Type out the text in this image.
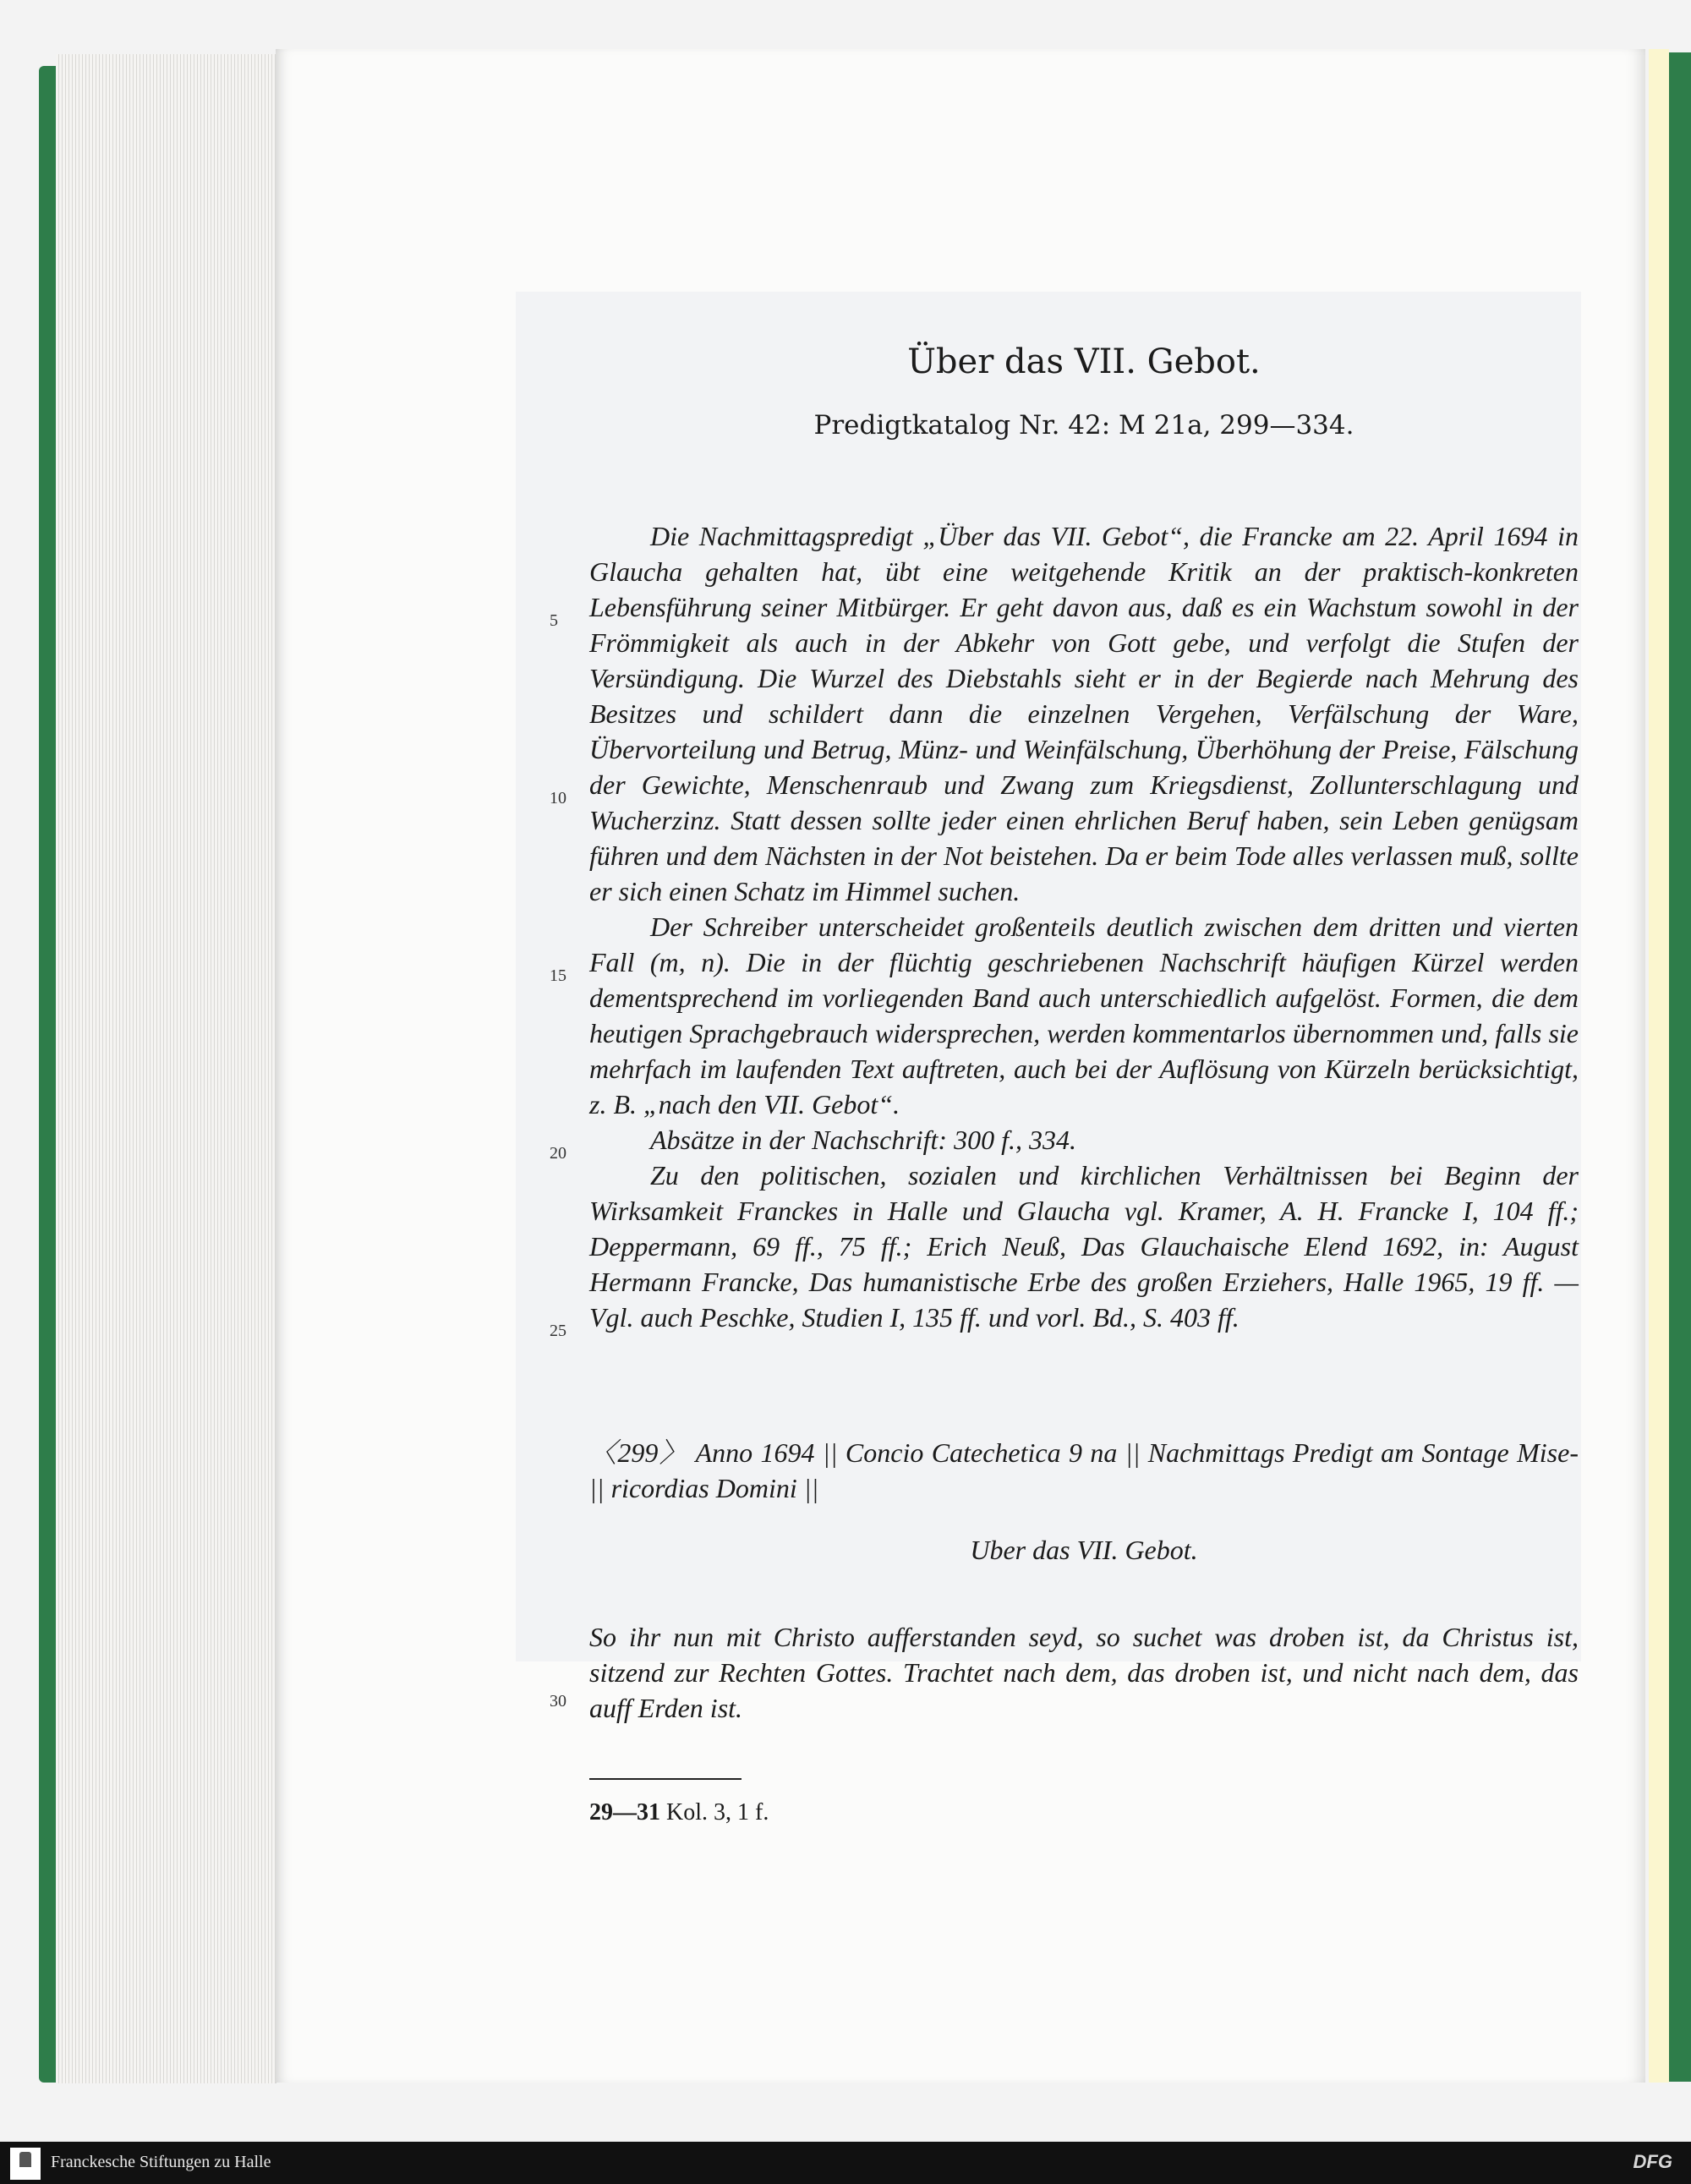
Über das VII. Gebot.
Predigtkatalog Nr. 42: M 21a, 299—334.

Die Nachmittagspredigt „Über das VII. Gebot“, die Francke am 22. April 1694 in Glaucha gehalten hat, übt eine weitgehende Kritik an der praktisch-konkreten Lebensführung seiner Mitbürger. Er geht davon aus, daß es ein Wachstum sowohl in der Frömmigkeit als auch in der Abkehr von Gott gebe, und verfolgt die Stufen der Versündigung. Die Wurzel des Diebstahls sieht er in der Begierde nach Mehrung des Besitzes und schildert dann die einzelnen Vergehen, Verfälschung der Ware, Übervorteilung und Betrug, Münz- und Weinfälschung, Überhöhung der Preise, Fälschung der Gewichte, Menschenraub und Zwang zum Kriegsdienst, Zollunterschlagung und Wucherzinz. Statt dessen sollte jeder einen ehrlichen Beruf haben, sein Leben genügsam führen und dem Nächsten in der Not beistehen. Da er beim Tode alles verlassen muß, sollte er sich einen Schatz im Himmel suchen.

Der Schreiber unterscheidet großenteils deutlich zwischen dem dritten und vierten Fall (m, n). Die in der flüchtig geschriebenen Nachschrift häufigen Kürzel werden dementsprechend im vorliegenden Band auch unterschiedlich aufgelöst. Formen, die dem heutigen Sprachgebrauch widersprechen, werden kommentarlos übernommen und, falls sie mehrfach im laufenden Text auftreten, auch bei der Auflösung von Kürzeln berücksichtigt, z. B. „nach den VII. Gebot“.

Absätze in der Nachschrift: 300 f., 334.

Zu den politischen, sozialen und kirchlichen Verhältnissen bei Beginn der Wirksamkeit Franckes in Halle und Glaucha vgl. Kramer, A. H. Francke I, 104 ff.; Deppermann, 69 ff., 75 ff.; Erich Neuß, Das Glauchaische Elend 1692, in: August Hermann Francke, Das humanistische Erbe des großen Erziehers, Halle 1965, 19 ff. — Vgl. auch Peschke, Studien I, 135 ff. und vorl. Bd., S. 403 ff.

〈299〉 Anno 1694 || Concio Catechetica 9 na || Nachmittags Predigt am Sontage Mise- || ricordias Domini ||

Uber das VII. Gebot.

So ihr nun mit Christo aufferstanden seyd, so suchet was droben ist, da Christus ist, sitzend zur Rechten Gottes. Trachtet nach dem, das droben ist, und nicht nach dem, das auff Erden ist.

5
10
15
20
25
30
29—31 Kol. 3, 1 f.
Franckesche Stiftungen zu Halle	DFG
